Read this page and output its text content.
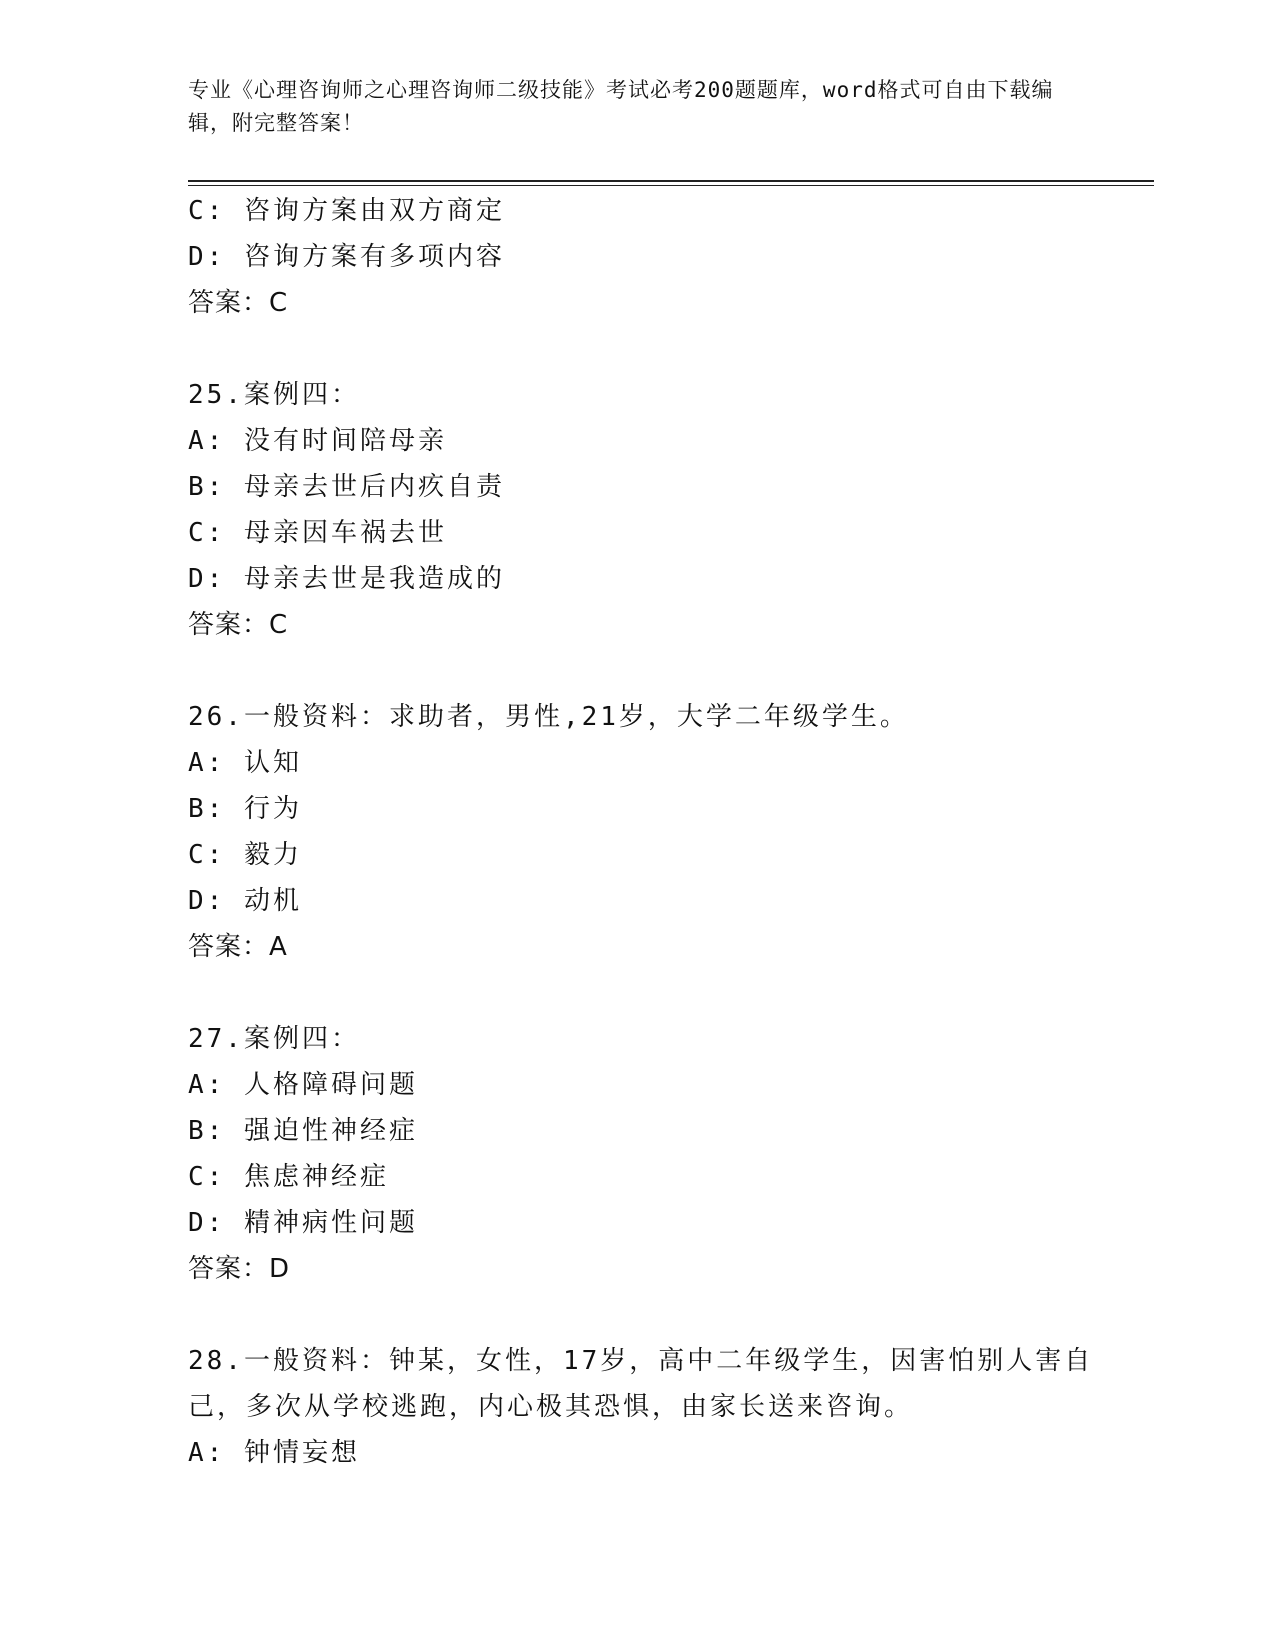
专业《心理咨询师之心理咨询师二级技能》考试必考200题题库，word格式可自由下载编辑，附完整答案！
C: 咨询方案由双方商定
D: 咨询方案有多项内容
答案：C
25.案例四：
A: 没有时间陪母亲
B: 母亲去世后内疚自责
C: 母亲因车祸去世
D: 母亲去世是我造成的
答案：C
26.一般资料：求助者，男性,21岁，大学二年级学生。
A: 认知
B: 行为
C: 毅力
D: 动机
答案：A
27.案例四：
A: 人格障碍问题
B: 强迫性神经症
C: 焦虑神经症
D: 精神病性问题
答案：D
28.一般资料：钟某，女性，17岁，高中二年级学生，因害怕别人害自
己，多次从学校逃跑，内心极其恐惧，由家长送来咨询。
A: 钟情妄想
